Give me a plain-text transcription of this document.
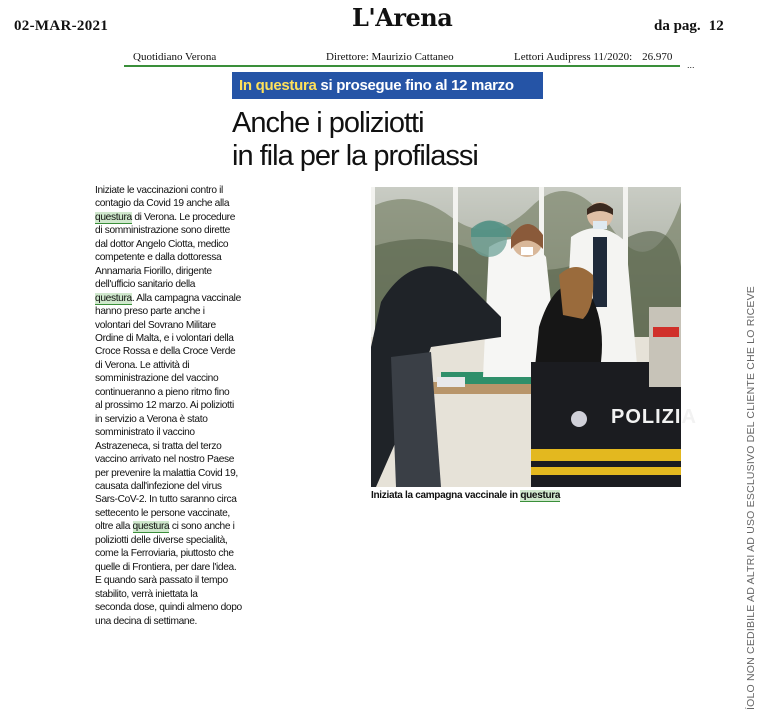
02-MAR-2021	L'Arena	da pag. 12
Quotidiano Verona	Direttore: Maurizio Cattaneo	Lettori Audipress 11/2020: 26.970
...
In questura si prosegue fino al 12 marzo
Anche i poliziotti
in fila per la profilassi
Iniziate le vaccinazioni contro il
contagio da Covid 19 anche alla
questura di Verona. Le procedure
di somministrazione sono dirette
dal dottor Angelo Ciotta, medico
competente e dalla dottoressa
Annamaria Fiorillo, dirigente
dell'ufficio sanitario della
questura. Alla campagna vaccinale
hanno preso parte anche i
volontari del Sovrano Militare
Ordine di Malta, e i volontari della
Croce Rossa e della Croce Verde
di Verona. Le attività di
somministrazione del vaccino
continueranno a pieno ritmo fino
al prossimo 12 marzo. Ai poliziotti
in servizio a Verona è stato
somministrato il vaccino
Astrazeneca, si tratta del terzo
vaccino arrivato nel nostro Paese
per prevenire la malattia Covid 19,
causata dall'infezione del virus
Sars-CoV-2. In tutto saranno circa
settecento le persone vaccinate,
oltre alla questura ci sono anche i
poliziotti delle diverse specialità,
come la Ferroviaria, piuttosto che
quelle di Frontiera, per dare l'idea.
E quando sarà passato il tempo
stabilito, verrà iniettata la
seconda dose, quindi almeno dopo
una decina di settimane.
POLIZIA
Iniziata la campagna vaccinale in questura	ÍOLO NON CEDIBILE AD ALTRI AD USO ESCLUSIVO DEL CLIENTE CHE LO RICEVE
